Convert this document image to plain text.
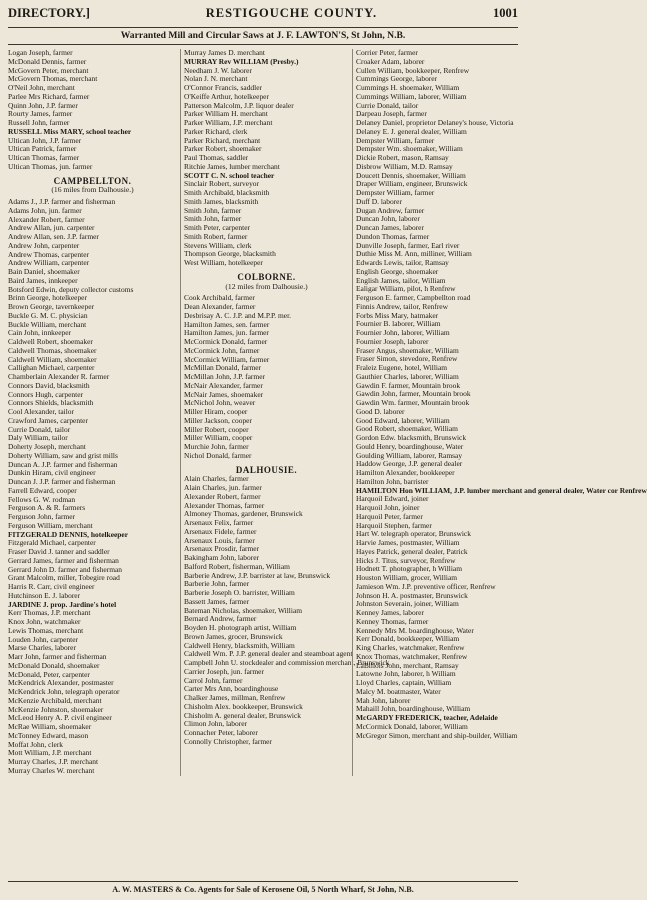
DIRECTORY.]	RESTIGOUCHE COUNTY.	1001
Warranted Mill and Circular Saws at J. F. LAWTON'S, St John, N.B.
Logan Joseph, farmer
McDonald Dennis, farmer
McGovern Peter, merchant
McGovern Thomas, merchant
O'Neil John, merchant
Parlee Mrs Richard, farmer
Quinn John, J.P. farmer
Rourty James, farmer
Russell John, farmer
RUSSELL Miss MARY, school teacher
Ultican John, J.P. farmer
Ultican Patrick, farmer
Ultican Thomas, farmer
Ultican Thomas, jun. farmer
CAMPBELLTON.
(16 miles from Dalhousie.)
Adams J., J.P. farmer and fisherman
Adams John, jun. farmer
Alexander Robert, farmer
Andrew Allan, jun. carpenter
Andrew Allan, sen. J.P. farmer
Andrew John, carpenter
Andrew Thomas, carpenter
Andrew William, carpenter
Bain Daniel, shoemaker
Baird James, innkeeper
Botsford Edwin, deputy collector customs
Brinn George, hotelkeeper
Brown George, tavernkeeper
Buckle G. M. C. physician
Buckle William, merchant
Cain John, innkeeper
Caldwell Robert, shoemaker
Caldwell Thomas, shoemaker
Caldwell William, shoemaker
Callighan Michael, carpenter
Chamberlain Alexander R. farmer
Connors David, blacksmith
Connors Hugh, carpenter
Connors Shields, blacksmith
Cool Alexander, tailor
Crawford James, carpenter
Currie Donald, tailor
Daly William, tailor
Doherty Joseph, merchant
Doherty William, saw and grist mills
Duncan A. J.P. farmer and fisherman
Dunkin Hiram, civil engineer
Duncan J. J.P. farmer and fisherman
Farrell Edward, cooper
Fellows G. W. rodman
Ferguson A. & R. farmers
Ferguson John, farmer
Ferguson William, merchant
FITZGERALD DENNIS, hotelkeeper
Fitzgerald Michael, carpenter
Fraser David J. tanner and saddler
Gerrard James, farmer and fisherman
Gerrard John D. farmer and fisherman
Grant Malcolm, miller, Tobegire road
Harris R. Carr, civil engineer
Hutchinson E. J. laborer
JARDINE J. prop. Jardine's hotel
Kerr Thomas, J.P. merchant
Knox John, watchmaker
Lewis Thomas, merchant
Louden John, carpenter
Marse Charles, laborer
Marr John, farmer and fisherman
McDonald Donald, shoemaker
McDonald, Peter, carpenter
McKendrick Alexander, postmaster
McKendrick John, telegraph operator
McKenzie Archibald, merchant
McKenzie Johnston, shoemaker
McLeod Henry A. P. civil engineer
McRae William, shoemaker
McTonney Edward, mason
Moffat John, clerk
Mott William, J.P. merchant
Murray Charles, J.P. merchant
Murray Charles W. merchant
Murray James D. merchant
MURRAY Rev WILLIAM (Presby.)
Needham J. W. laborer
Nolan J. N. merchant
O'Connor Francis, saddler
O'Keiffe Arthur, hotelkeeper
Patterson Malcolm, J.P. liquor dealer
Parker William H. merchant
Parker William, J.P. merchant
Parker Richard, clerk
Parker Richard, merchant
Parker Robert, shoemaker
Paul Thomas, saddler
Ritchie James, lumber merchant
SCOTT C. N. school teacher
Sinclair Robert, surveyor
Smith Archibald, blacksmith
Smith James, blacksmith
Smith John, farmer
Smith John, farmer
Smith Peter, carpenter
Smith Robert, farmer
Stevens William, clerk
Thompson George, blacksmith
West William, hotelkeeper
COLBORNE.
(12 miles from Dalhousie.)
Cook Archibald, farmer
Dean Alexander, farmer
Desbrisay A. C. J.P. and M.P.P. mer.
Hamilton James, sen. farmer
Hamilton James, jun. farmer
McCormick Donald, farmer
McCormick John, farmer
McCormick William, farmer
McMillan Donald, farmer
McMillan John, J.P. farmer
McNair Alexander, farmer
McNair James, shoemaker
McNichol John, weaver
Miller Hiram, cooper
Miller Jackson, cooper
Miller Robert, cooper
Miller William, cooper
Murchie John, farmer
Nichol Donald, farmer
DALHOUSIE.
Alain Charles, farmer
Alain Charles, jun. farmer
Alexander Robert, farmer
Alexander Thomas, farmer
Almoney Thomas, gardener, Brunswick
Arsenaux Felix, farmer
Arsenaux Fidele, farmer
Arsenaux Louis, farmer
Arsenaux Prosdir, farmer
Bakingham John, laborer
Balford Robert, fisherman, William
Barberie Andrew, J.P. barrister at law, Brunswick
Barberie John, farmer
Barberie Joseph O. barrister, William
Bassett James, farmer
Bateman Nicholas, shoemaker, William
Bernard Andrew, farmer
Boyden H. photograph artist, William
Brown James, grocer, Brunswick
Caldwell Henry, blacksmith, William
Caldwell Wm. P. J.P. general dealer and steamboat agent
Campbell John U. stockdealer and commission merchant, Brunswick
Carrier Joseph, jun. farmer
Carrol John, farmer
Carter Mrs Ann, boardinghouse
Chalker James, millman, Renfrew
Chisholm Alex. bookkeeper, Brunswick
Chisholm A. general dealer, Brunswick
Climon John, laborer
Connacher Peter, laborer
Connolly Christopher, farmer
Corrier Peter, farmer
Croaker Adam, laborer
Cullen William, bookkeeper, Renfrew
Cummings George, laborer
Cummings H. shoemaker, William
Cummings William, laborer, William
Currie Donald, tailor
Darpeau Joseph, farmer
Delaney Daniel, proprietor Delaney's house, Victoria
Delaney E. J. general dealer, William
Dempster William, farmer
Dempster Wm. shoemaker, William
Dickie Robert, mason, Ramsay
Disbrow William, M.D. Ramsay
Doucett Dennis, shoemaker, William
Draper William, engineer, Brunswick
Dempster William, farmer
Duff D. laborer
Dugan Andrew, farmer
Duncan John, laborer
Duncan James, laborer
Dundon Thomas, farmer
Dunville Joseph, farmer, Earl river
Duthie Miss M. Ann, milliner, William
Edwards Lewis, tailor, Ramsay
English George, shoemaker
English James, tailor, William
Ealigar William, pilot, h Renfrew
Ferguson E. farmer, Campbellton road
Finnis Andrew, tailor, Renfrew
Forbs Miss Mary, hatmaker
Fournier B. laborer, William
Fournier John, laborer, William
Fournier Joseph, laborer
Fraser Angus, shoemaker, William
Fraser Simon, stevedore, Renfrew
Fraleiz Eugene, hotel, William
Gauthier Charles, laborer, William
Gawdin F. farmer, Mountain brook
Gawdin John, farmer, Mountain brook
Gawdin Wm. farmer, Mountain brook
Good D. laborer
Good Edward, laborer, William
Good Robert, shoemaker, William
Gordon Edw. blacksmith, Brunswick
Gould Henry, boardinghouse, Water
Goulding William, laborer, Ramsay
Haddow George, J.P. general dealer
Hamilton Alexander, bookkeeper
Hamilton John, barrister
HAMILTON Hon WILLIAM, J.P. lumber merchant and general dealer, Water cor Renfrew
Harquoil Edward, joiner
Harquoil John, joiner
Harquoil Peter, farmer
Harquoil Stephen, farmer
Hart W. telegraph operator, Brunswick
Harvie James, postmaster, William
Hayes Patrick, general dealer, Patrick
Hicks J. Titus, surveyor, Renfrew
Hodnett T. photographer, h William
Houston William, grocer, William
Jamieson Wm. J.P. preventive officer, Renfrew
Johnson H. A. postmaster, Brunswick
Johnston Severain, joiner, William
Kenney James, laborer
Kenney Thomas, farmer
Kennedy Mrs M. boardinghouse, Water
Kerr Donald, bookkeeper, William
King Charles, watchmaker, Renfrew
Knox Thomas, watchmaker, Renfrew
LaBillois John, merchant, Ramsay
Latowne John, laborer, h William
Lloyd Charles, captain, William
Malcy M. boatmaster, Water
Mah John, laborer
Mahaill John, boardinghouse, William
McGARDY FREDERICK, teacher, Adelaide
McCormick Donald, laborer, William
McGregor Simon, merchant and ship-builder, William
A. W. MASTERS & Co. Agents for Sale of Kerosene Oil, 5 North Wharf, St John, N.B.
